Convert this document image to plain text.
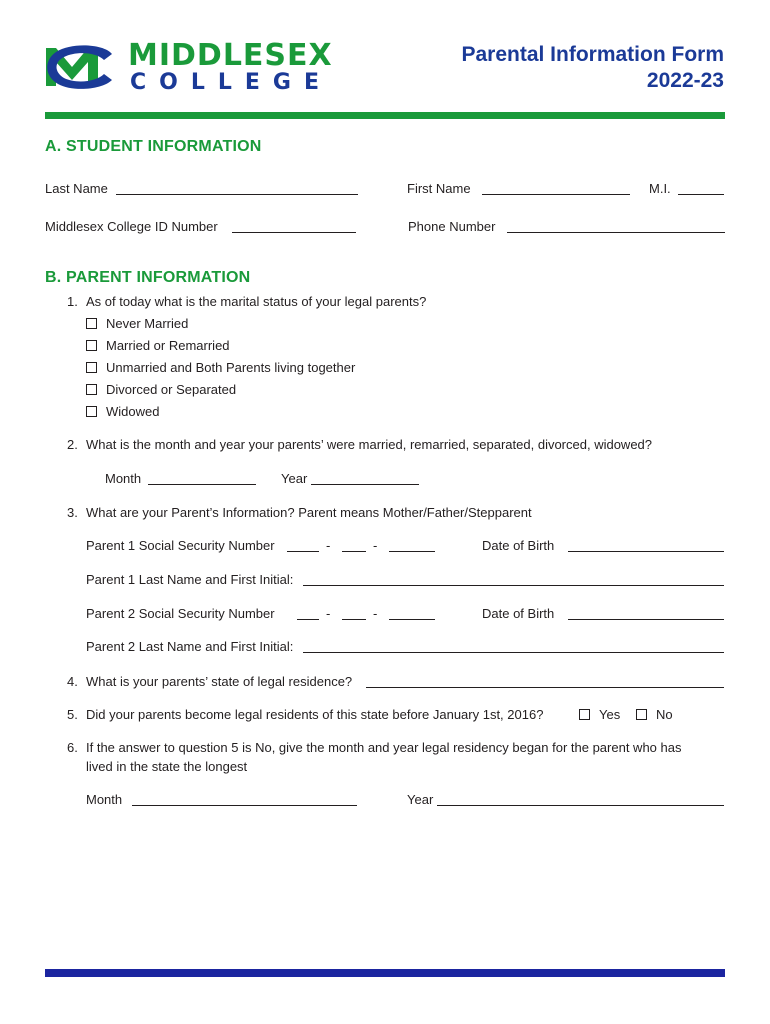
MIDDLESEX
COLLEGE
Parental Information Form
2022-23
A. STUDENT INFORMATION
Last Name	First Name	M.I.
Middlesex College ID Number	Phone Number
B. PARENT INFORMATION
1. As of today what is the marital status of your legal parents?
Never Married
Married or Remarried
Unmarried and Both Parents living together
Divorced or Separated
Widowed
2. What is the month and year your parents’ were married, remarried, separated, divorced, widowed?
Month	Year
3. What are your Parent’s Information? Parent means Mother/Father/Stepparent
Parent 1 Social Security Number	-	-	Date of Birth
Parent 1 Last Name and First Initial:
Parent 2 Social Security Number	-	-	Date of Birth
Parent 2 Last Name and First Initial:
4. What is your parents’ state of legal residence?
5. Did your parents become legal residents of this state before January 1st, 2016?	Yes	No
6. If the answer to question 5 is No, give the month and year legal residency began for the parent who has
lived in the state the longest
Month	Year
